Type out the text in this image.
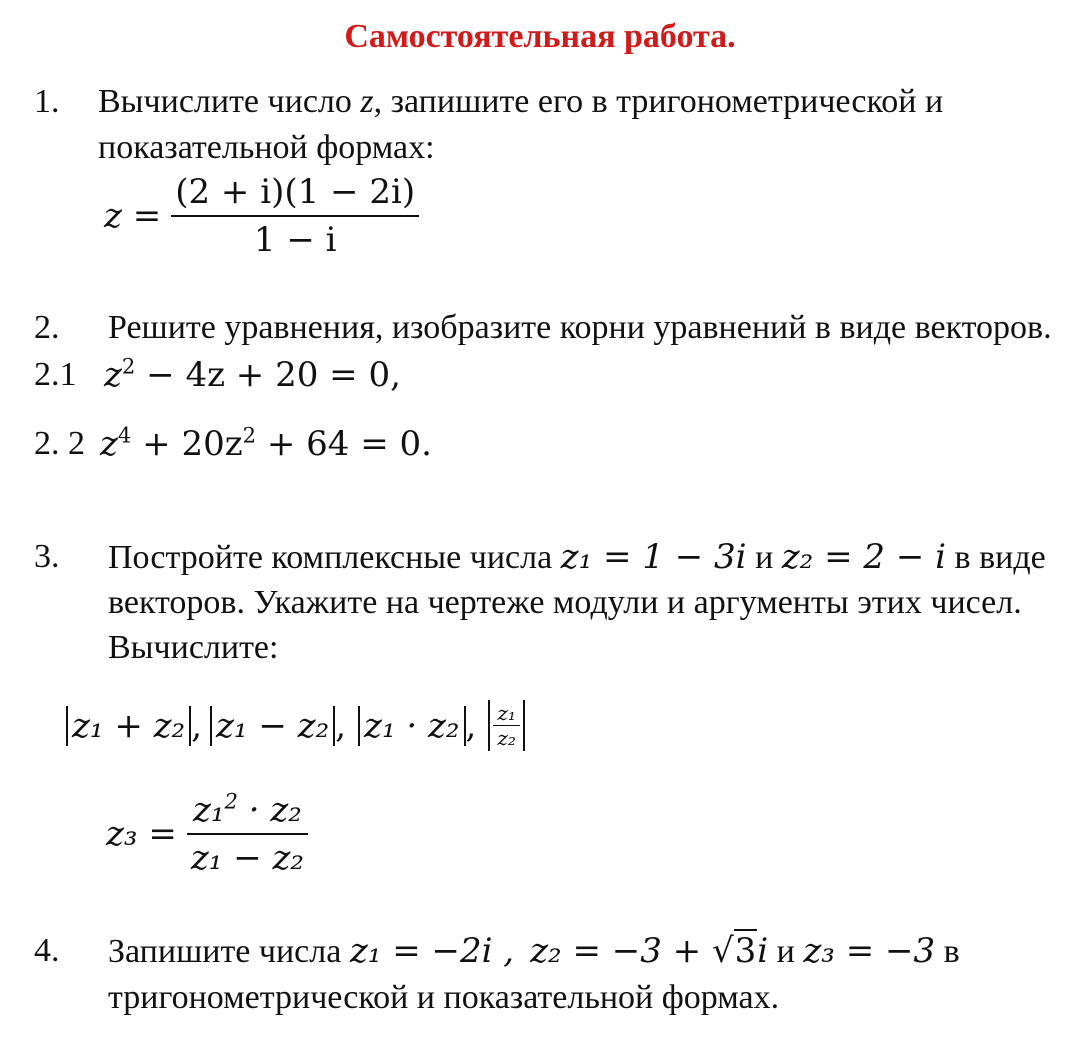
Самостоятельная работа.
1. Вычислите число z, запишите его в тригонометрической и
показательной формах:
$z = \frac{(2 + i)(1 - 2i)}{1 - i}$
2. Решите уравнения, изобразите корни уравнений в виде векторов.
2.1 $z^2 - 4z + 20 = 0$,
2. 2 $z^4 + 20z^2 + 64 = 0$.
3. Постройте комплексные числа z₁ = 1 − 3i и z₂ = 2 − i в виде
векторов. Укажите на чертеже модули и аргументы этих чисел.
Вычислите:
z₁ + z₂ , z₁ − z₂ , z₁ · z₂ , $\frac{\text{z₁}}{\text{z₂}}$
$z_3 = \frac{z_1^2 \cdot z_2}{\text{z₁ − z₂}}$
4. Запишите числа z₁ = −2i , z₂ = −3 + √3i и z₃ = −3 в
тригонометрической и показательной формах.
